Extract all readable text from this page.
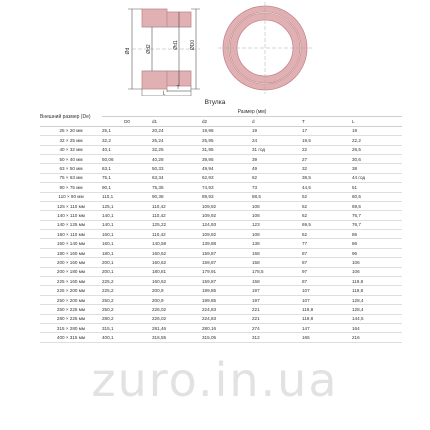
Ød	Ød2	Ød1 ØD0
T
L
Втулка
Внешний размер (De)	Размер (мм)					
	D0	d1	d2	d	T	L
25 × 20 мм	25,1	20,24	19,96	19	17	19
32 × 25 мм	32,2	25,24	25,95	24	19,5	22,2
40 × 32 мм	40,1	32,25	31,95	31 год	22	26,5
50 × 40 мм	50,06	40,28	39,95	39	27	30,6
63 × 50 мм	63,1	50,33	49,94	49	32	38
75 × 63 мм	75,1	63,34	62,93	62	38,5	44 год
90 × 75 мм	90,1	75,35	74,93	73	44,5	51
110 × 90 мм	110,1	90,38	89,93	88,5	52	60,5
125 × 110 мм	125,1	110,42	109,92	108	62	69,5
140 × 110 мм	140,1	110,42	109,92	108	62	76,7
140 × 125 мм	140,1	125,22	124,93	123	69,5	76,7
160 × 110 мм	160,1	110,42	109,92	108	62	86
160 × 140 мм	160,1	140,58	139,88	138	77	86
180 × 160 мм	180,1	160,62	159,87	158	87	96
200 × 160 мм	200,1	160,62	159,87	158	87	106
200 × 180 мм	200,1	180,81	179,91	178,5	97	106
225 × 160 мм	225,2	160,62	159,87	158	87	119,8
225 × 200 мм	225,2	200,9	199,85	197	107	119,8
250 × 200 мм	250,2	200,9	199,85	197	107	128,4
250 × 225 мм	250,2	226,02	224,83	221	119,8	128,4
280 × 225 мм	280,2	226,02	224,83	221	119,8	144,5
315 × 280 мм	315,1	281,46	280,16	274	147	164
400 × 315 мм	400,1	316,55	315,05	312	165	216
zuro.in.ua
